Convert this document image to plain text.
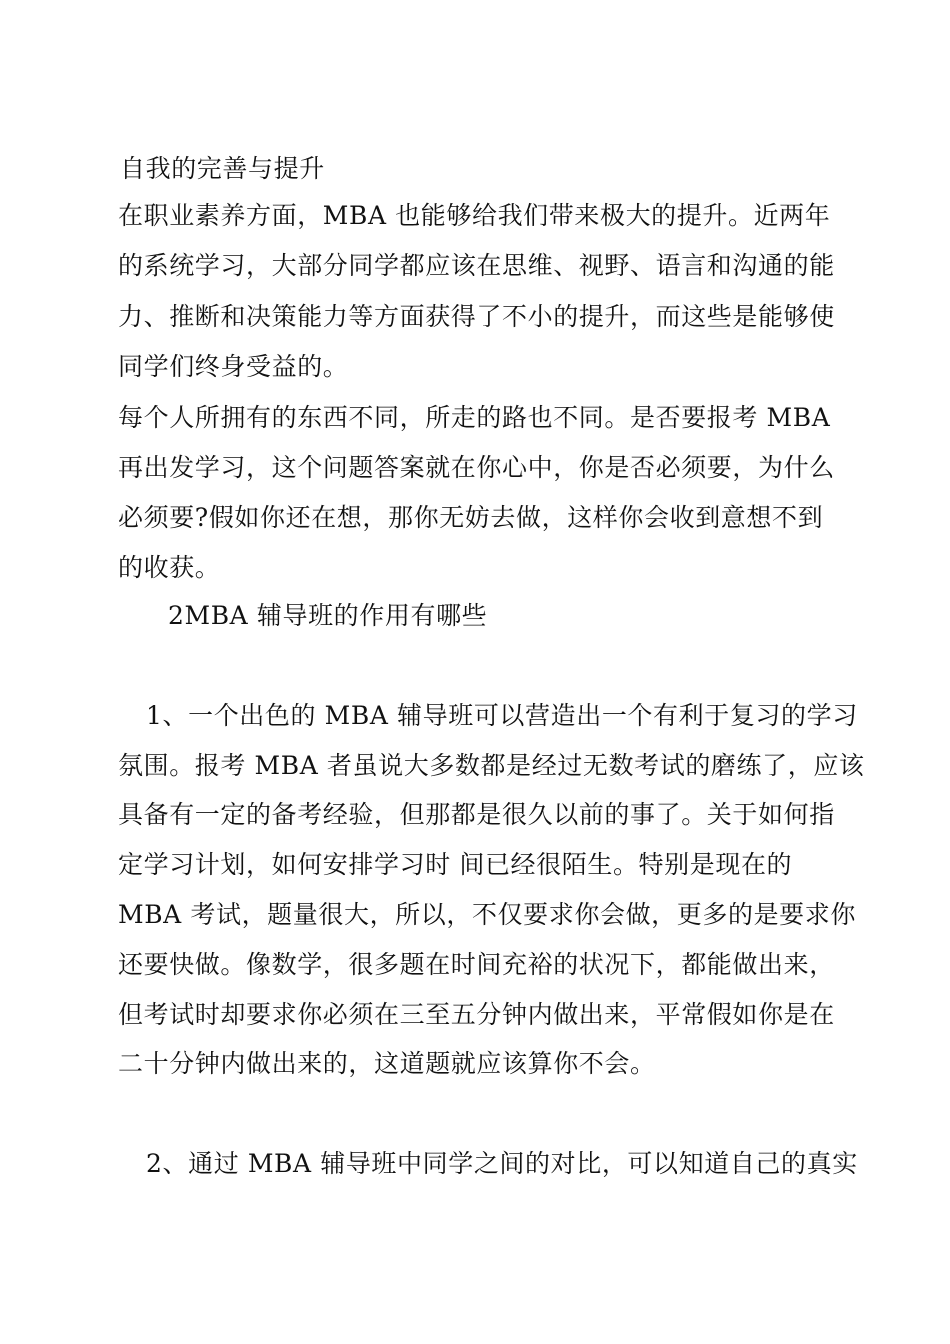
自我的完善与提升
在职业素养方面，MBA 也能够给我们带来极大的提升。近两年
的系统学习，大部分同学都应该在思维、视野、语言和沟通的能
力、推断和决策能力等方面获得了不小的提升，而这些是能够使
同学们终身受益的。
每个人所拥有的东西不同，所走的路也不同。是否要报考 MBA
再出发学习，这个问题答案就在你心中，你是否必须要，为什么
必须要?假如你还在想，那你无妨去做，这样你会收到意想不到
的收获。
2MBA 辅导班的作用有哪些
1、一个出色的 MBA 辅导班可以营造出一个有利于复习的学习
氛围。报考 MBA 者虽说大多数都是经过无数考试的磨练了，应该
具备有一定的备考经验，但那都是很久以前的事了。关于如何指
定学习计划，如何安排学习时 间已经很陌生。特别是现在的
MBA 考试，题量很大，所以，不仅要求你会做，更多的是要求你
还要快做。像数学，很多题在时间充裕的状况下，都能做出来，
但考试时却要求你必须在三至五分钟内做出来，平常假如你是在
二十分钟内做出来的，这道题就应该算你不会。
2、通过 MBA 辅导班中同学之间的对比，可以知道自己的真实
